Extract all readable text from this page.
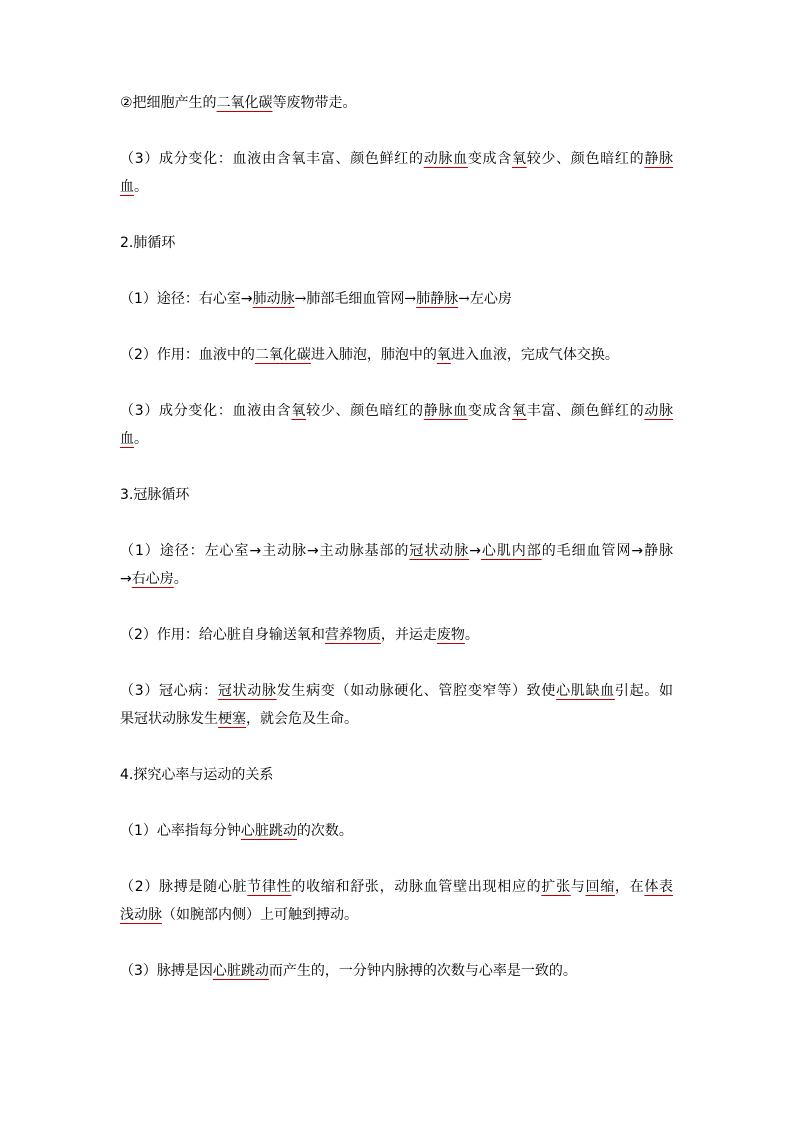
②把细胞产生的二氧化碳等废物带走。

（3）成分变化：血液由含氧丰富、颜色鲜红的动脉血变成含氧较少、颜色暗红的静脉
血。

2.肺循环

（1）途径：右心室→肺动脉→肺部毛细血管网→肺静脉→左心房

（2）作用：血液中的二氧化碳进入肺泡，肺泡中的氧进入血液，完成气体交换。

（3）成分变化：血液由含氧较少、颜色暗红的静脉血变成含氧丰富、颜色鲜红的动脉
血。

3.冠脉循环

（1）途径：左心室→主动脉→主动脉基部的冠状动脉→心肌内部的毛细血管网→静脉
→右心房。

（2）作用：给心脏自身输送氧和营养物质，并运走废物。

（3）冠心病：冠状动脉发生病变（如动脉硬化、管腔变窄等）致使心肌缺血引起。如
果冠状动脉发生梗塞，就会危及生命。

4.探究心率与运动的关系

（1）心率指每分钟心脏跳动的次数。

（2）脉搏是随心脏节律性的收缩和舒张，动脉血管壁出现相应的扩张与回缩，在体表
浅动脉（如腕部内侧）上可触到搏动。

（3）脉搏是因心脏跳动而产生的，一分钟内脉搏的次数与心率是一致的。
